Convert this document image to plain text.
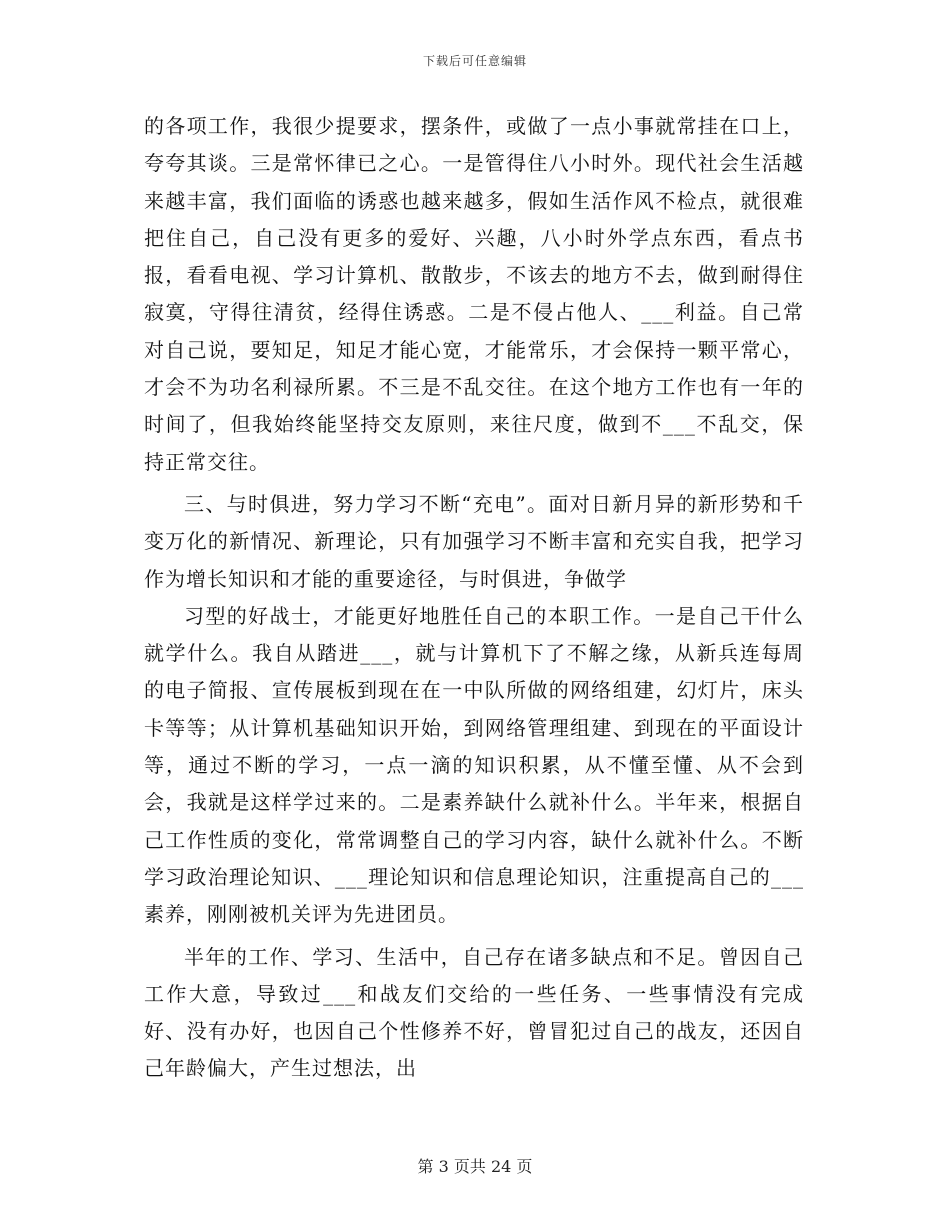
下载后可任意编辑

的各项工作，我很少提要求，摆条件，或做了一点小事就常挂在口上，夸夸其谈。三是常怀律已之心。一是管得住八小时外。现代社会生活越来越丰富，我们面临的诱惑也越来越多，假如生活作风不检点，就很难把住自己，自己没有更多的爱好、兴趣，八小时外学点东西，看点书报，看看电视、学习计算机、散散步，不该去的地方不去，做到耐得住寂寞，守得往清贫，经得住诱惑。二是不侵占他人、___利益。自己常对自己说，要知足，知足才能心宽，才能常乐，才会保持一颗平常心，才会不为功名利禄所累。不三是不乱交往。在这个地方工作也有一年的时间了，但我始终能坚持交友原则，来往尺度，做到不___不乱交，保持正常交往。

三、与时俱进，努力学习不断“充电”。面对日新月异的新形势和千变万化的新情况、新理论，只有加强学习不断丰富和充实自我，把学习作为增长知识和才能的重要途径，与时俱进，争做学

习型的好战士，才能更好地胜任自己的本职工作。一是自己干什么就学什么。我自从踏进___，就与计算机下了不解之缘，从新兵连每周的电子简报、宣传展板到现在在一中队所做的网络组建，幻灯片，床头卡等等；从计算机基础知识开始，到网络管理组建、到现在的平面设计等，通过不断的学习，一点一滴的知识积累，从不懂至懂、从不会到会，我就是这样学过来的。二是素养缺什么就补什么。半年来，根据自己工作性质的变化，常常调整自己的学习内容，缺什么就补什么。不断学习政治理论知识、___理论知识和信息理论知识，注重提高自己的___素养，刚刚被机关评为先进团员。

半年的工作、学习、生活中，自己存在诸多缺点和不足。曾因自己工作大意，导致过___和战友们交给的一些任务、一些事情没有完成好、没有办好，也因自己个性修养不好，曾冒犯过自己的战友，还因自己年龄偏大，产生过想法，出

第 3 页共 24 页
